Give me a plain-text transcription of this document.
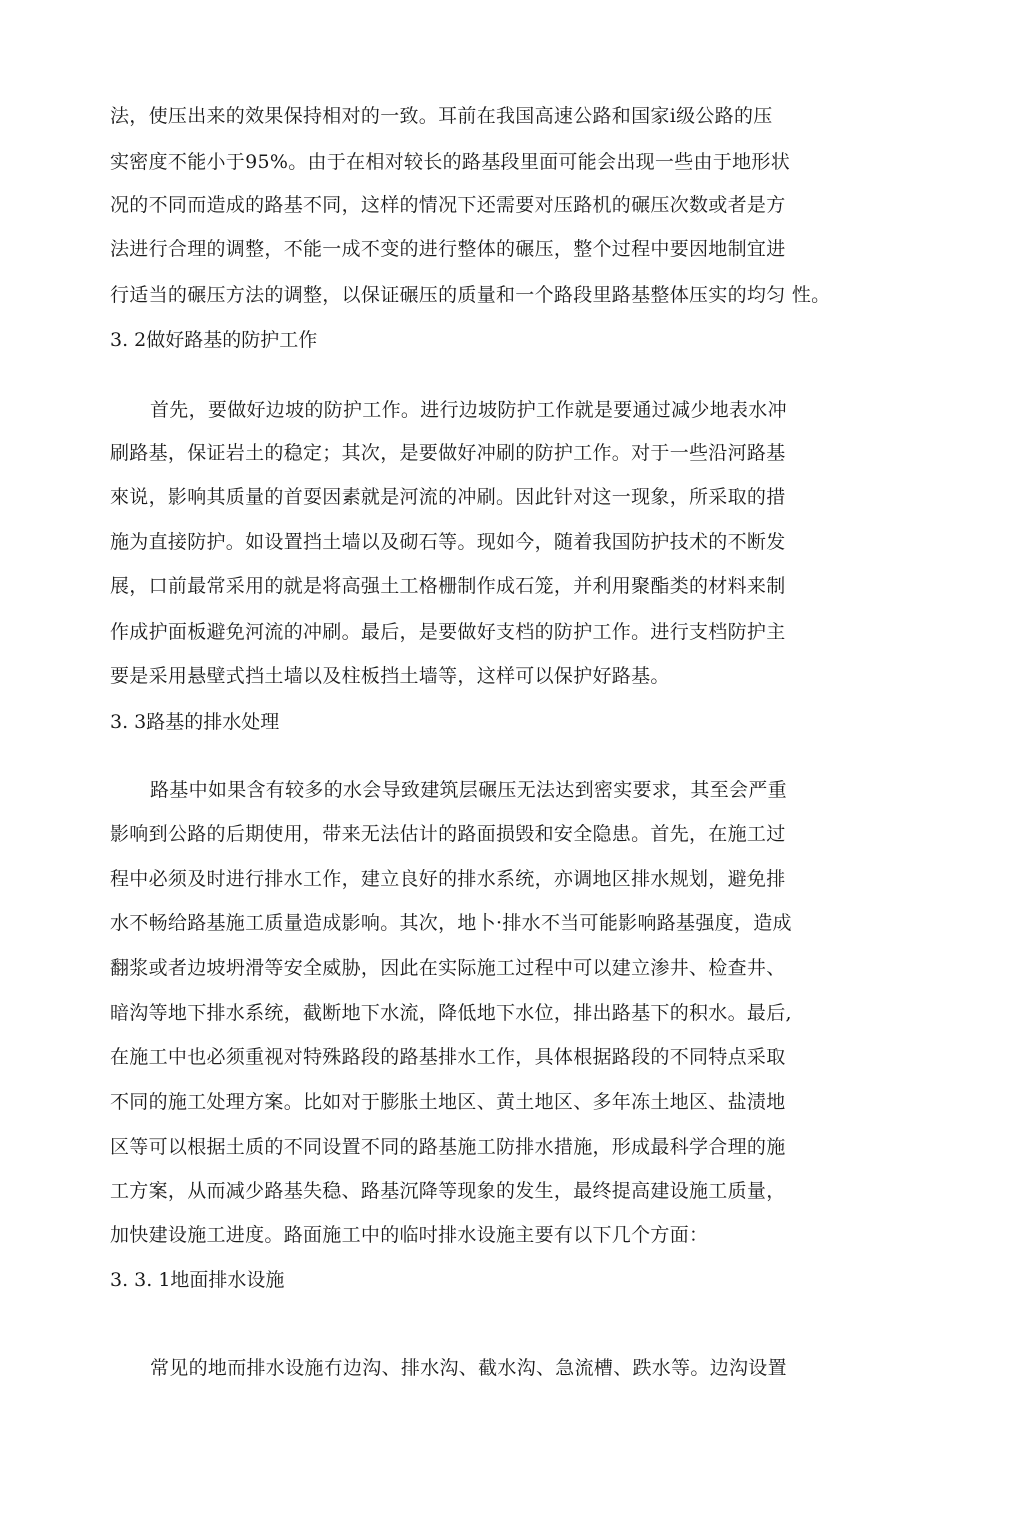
法，使压出来的效果保持相对的一致。耳前在我国高速公路和国家i级公路的压
实密度不能小于95%。由于在相对较长的路基段里面可能会出现一些由于地形状
况的不同而造成的路基不同，这样的情况下还需要对压路机的碾压次数或者是方
法进行合理的调整，不能一成不变的进行整体的碾压，整个过程中要因地制宜进
行适当的碾压方法的调整，以保证碾压的质量和一个路段里路基整体压实的均匀 性。
3. 2做好路基的防护工作
首先，要做好边坡的防护工作。进行边坡防护工作就是要通过减少地表水冲
刷路基，保证岩土的稳定；其次，是要做好冲刷的防护工作。对于一些沿河路基
來说，影响其质量的首耍因素就是河流的冲刷。因此针对这一现象，所采取的措
施为直接防护。如设置挡土墙以及砌石等。现如今，随着我国防护技术的不断发
展，口前最常采用的就是将高强土工格栅制作成石笼，并利用聚酯类的材料来制
作成护面板避免河流的冲刷。最后，是要做好支档的防护工作。进行支档防护主
要是采用悬壁式挡土墙以及柱板挡土墙等，这样可以保护好路基。
3. 3路基的排水处理
路基中如果含有较多的水会导致建筑层碾压无法达到密实要求，其至会严重
影响到公路的后期使用，带来无法估计的路面损毁和安全隐患。首先，在施工过
程中必须及时进行排水工作，建立良好的排水系统，亦调地区排水规划，避免排
水不畅给路基施工质量造成影响。其次，地卜·排水不当可能影响路基强度，造成
翻浆或者边坡坍滑等安全威胁，因此在实际施工过程中可以建立渗井、检查井、
暗沟等地下排水系统，截断地下水流，降低地下水位，排出路基下的积水。最后,
在施工中也必须重视对特殊路段的路基排水工作，具体根据路段的不同特点采取
不同的施工处理方案。比如对于膨胀土地区、黄土地区、多年冻土地区、盐渍地
区等可以根据土质的不同设置不同的路基施工防排水措施，形成最科学合理的施
工方案，从而减少路基失稳、路基沉降等现象的发生，最终提高建设施工质量，
加快建设施工进度。路面施工中的临吋排水设施主要有以下几个方面：
3. 3. 1地面排水设施
常见的地而排水设施冇边沟、排水沟、截水沟、急流槽、跌水等。边沟设置
